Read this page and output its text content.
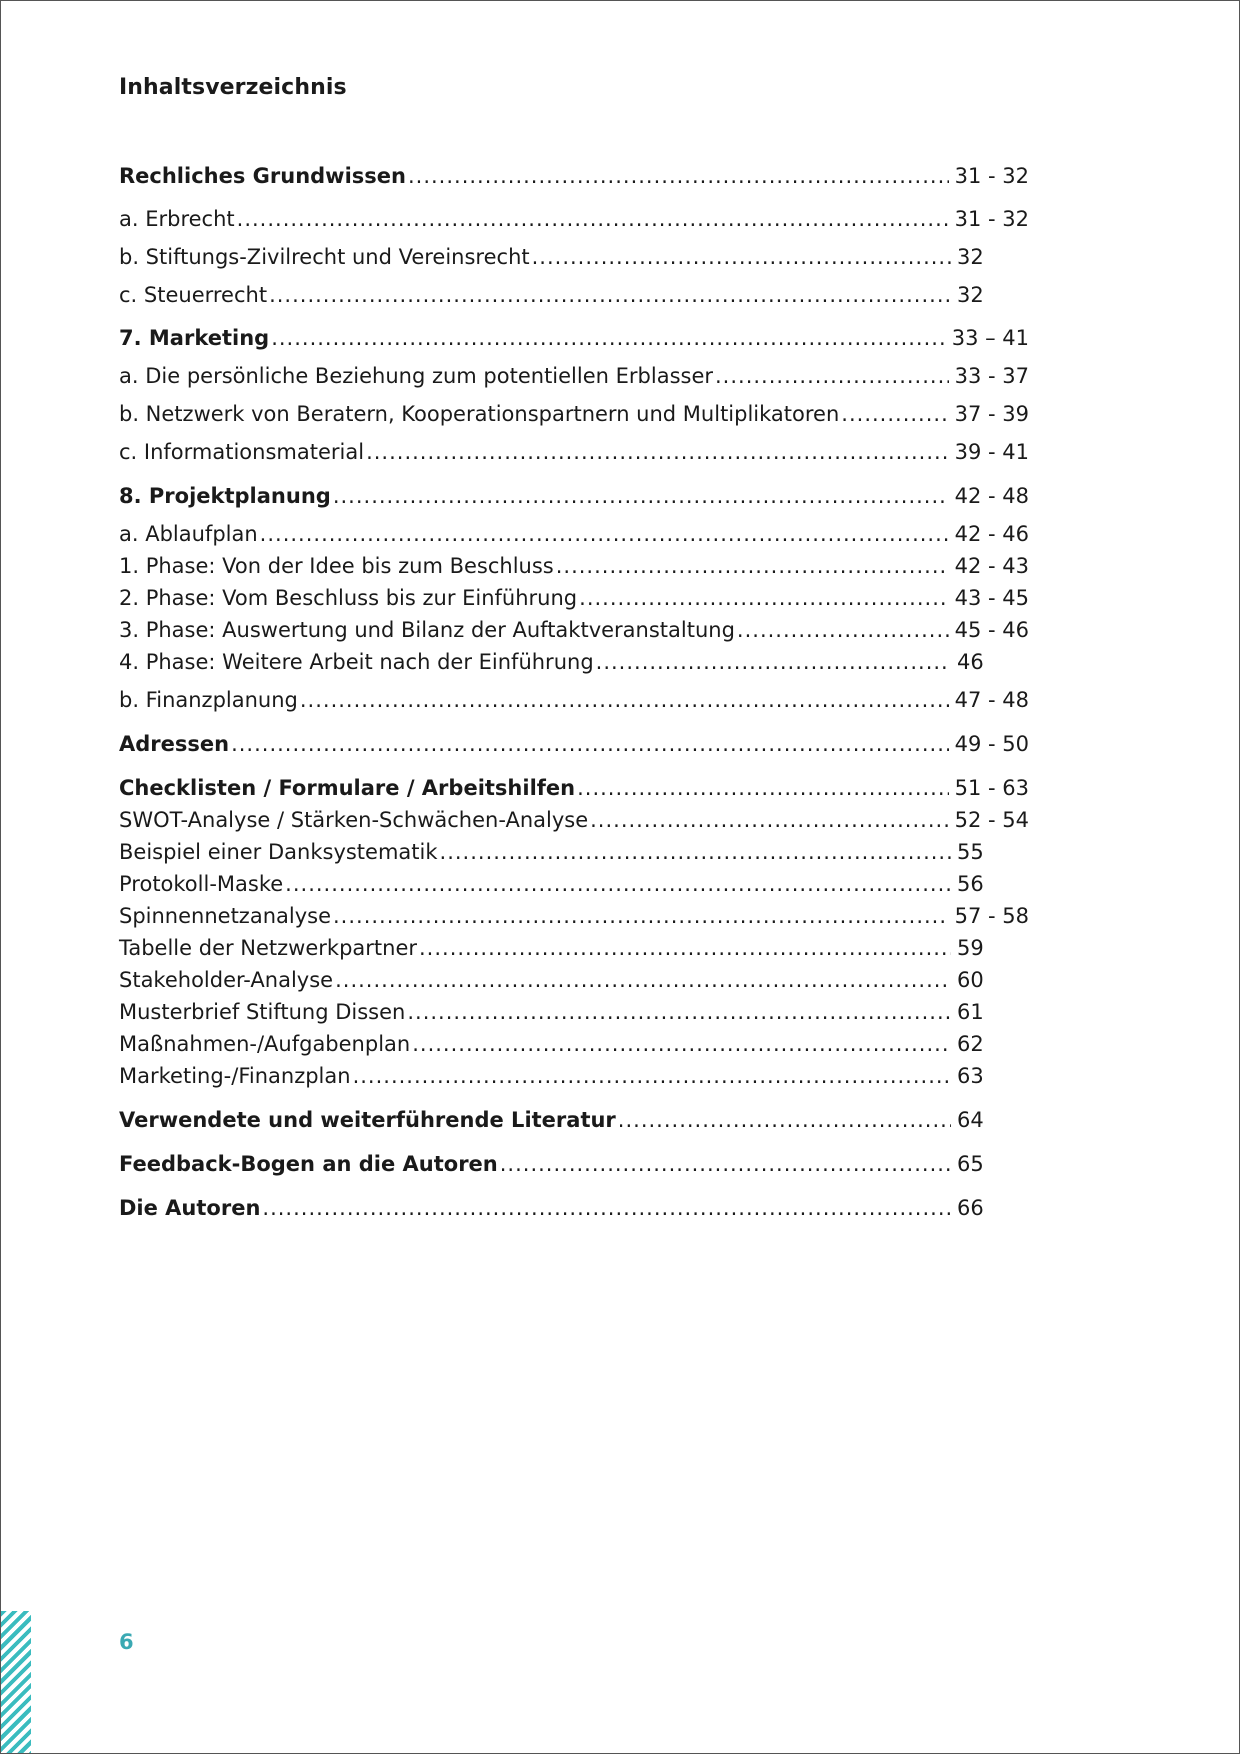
Inhaltsverzeichnis
Rechliches Grundwissen .....	31 - 32
a. Erbrecht .....	31 - 32
b. Stiftungs-Zivilrecht und Vereinsrecht .....	32
c. Steuerrecht .....	32
7. Marketing .....	33 – 41
a. Die persönliche Beziehung zum potentiellen Erblasser .....	33 - 37
b. Netzwerk von Beratern, Kooperationspartnern und Multiplikatoren .....	37 - 39
c. Informationsmaterial .....	39 - 41
8. Projektplanung .....	42 - 48
a. Ablaufplan .....	42 - 46
1. Phase: Von der Idee bis zum Beschluss .....	42 - 43
2. Phase: Vom Beschluss bis zur Einführung .....	43 - 45
3. Phase: Auswertung und Bilanz der Auftaktveranstaltung .....	45 - 46
4. Phase: Weitere Arbeit nach der Einführung .....	46
b. Finanzplanung .....	47 - 48
Adressen .....	49 - 50
Checklisten / Formulare / Arbeitshilfen .....	51 - 63
SWOT-Analyse / Stärken-Schwächen-Analyse .....	52 - 54
Beispiel einer Danksystematik .....	55
Protokoll-Maske .....	56
Spinnennetzanalyse .....	57 - 58
Tabelle der Netzwerkpartner .....	59
Stakeholder-Analyse .....	60
Musterbrief Stiftung Dissen .....	61
Maßnahmen-/Aufgabenplan .....	62
Marketing-/Finanzplan .....	63
Verwendete und weiterführende Literatur .....	64
Feedback-Bogen an die Autoren .....	65
Die Autoren .....	66
6
